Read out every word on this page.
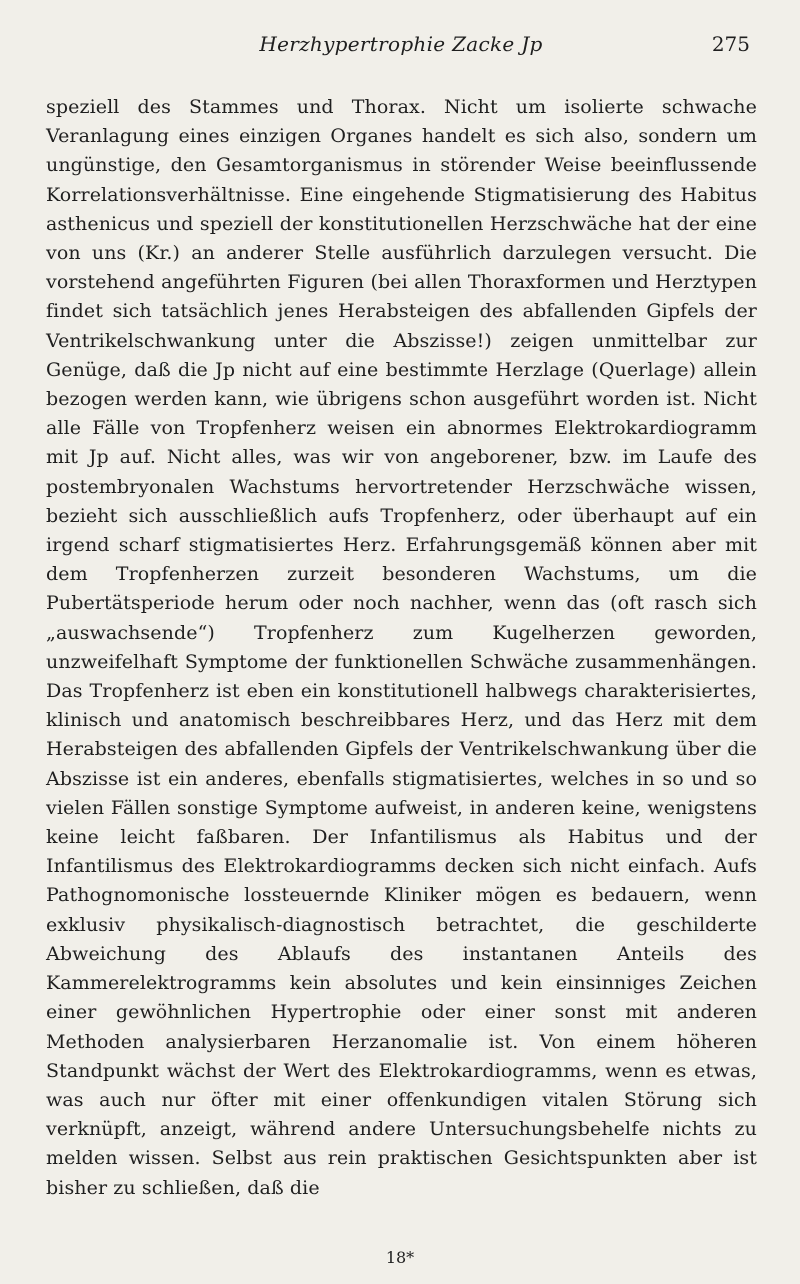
Herzhypertrophie Zacke Jp	275

speziell des Stammes und Thorax. Nicht um isolierte schwache Veranlagung eines einzigen Organes handelt es sich also, sondern um ungünstige, den Gesamtorganismus in störender Weise beeinflussende Korrelationsverhältnisse. Eine eingehende Stigmatisierung des Habitus asthenicus und speziell der konstitutionellen Herzschwäche hat der eine von uns (Kr.) an anderer Stelle ausführlich darzulegen versucht. Die vorstehend angeführten Figuren (bei allen Thoraxformen und Herztypen findet sich tatsächlich jenes Herabsteigen des abfallenden Gipfels der Ventrikelschwankung unter die Abszisse!) zeigen unmittelbar zur Genüge, daß die Jp nicht auf eine bestimmte Herzlage (Querlage) allein bezogen werden kann, wie übrigens schon ausgeführt worden ist. Nicht alle Fälle von Tropfenherz weisen ein abnormes Elektrokardiogramm mit Jp auf. Nicht alles, was wir von angeborener, bzw. im Laufe des postembryonalen Wachstums hervortretender Herzschwäche wissen, bezieht sich ausschließlich aufs Tropfenherz, oder überhaupt auf ein irgend scharf stigmatisiertes Herz. Erfahrungsgemäß können aber mit dem Tropfenherzen zurzeit besonderen Wachstums, um die Pubertätsperiode herum oder noch nachher, wenn das (oft rasch sich „auswachsende“) Tropfenherz zum Kugelherzen geworden, unzweifelhaft Symptome der funktionellen Schwäche zusammenhängen. Das Tropfenherz ist eben ein konstitutionell halbwegs charakterisiertes, klinisch und anatomisch beschreibbares Herz, und das Herz mit dem Herabsteigen des abfallenden Gipfels der Ventrikelschwankung über die Abszisse ist ein anderes, ebenfalls stigmatisiertes, welches in so und so vielen Fällen sonstige Symptome aufweist, in anderen keine, wenigstens keine leicht faßbaren. Der Infantilismus als Habitus und der Infantilismus des Elektrokardiogramms decken sich nicht einfach. Aufs Pathognomonische lossteuernde Kliniker mögen es bedauern, wenn exklusiv physikalisch-diagnostisch betrachtet, die geschilderte Abweichung des Ablaufs des instantanen Anteils des Kammerelektrogramms kein absolutes und kein einsinniges Zeichen einer gewöhnlichen Hypertrophie oder einer sonst mit anderen Methoden analysierbaren Herzanomalie ist. Von einem höheren Standpunkt wächst der Wert des Elektrokardiogramms, wenn es etwas, was auch nur öfter mit einer offenkundigen vitalen Störung sich verknüpft, anzeigt, während andere Untersuchungsbehelfe nichts zu melden wissen. Selbst aus rein praktischen Gesichtspunkten aber ist bisher zu schließen, daß die

18*
